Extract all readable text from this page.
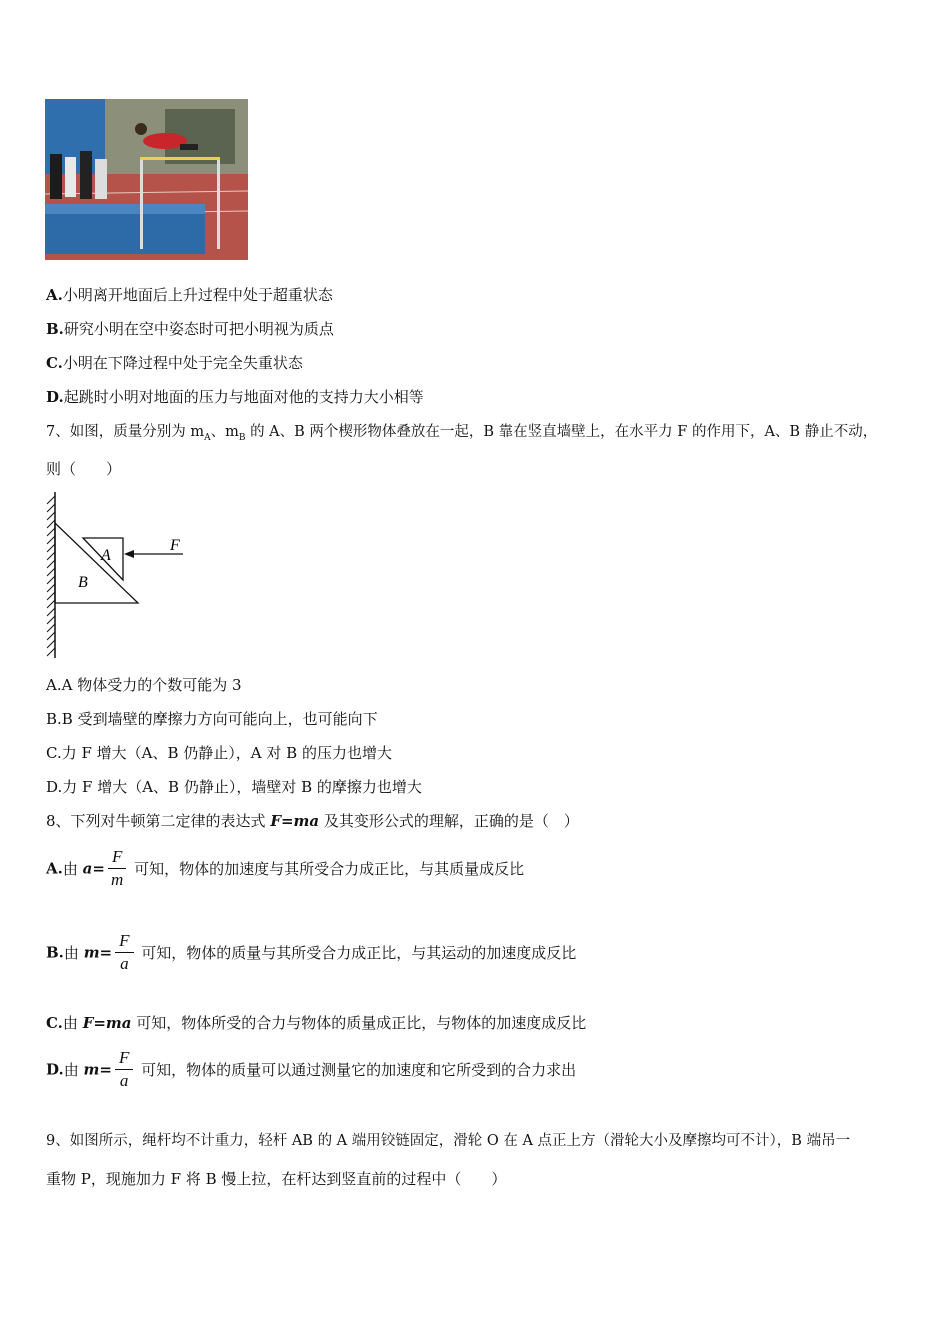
A.小明离开地面后上升过程中处于超重状态
B.研究小明在空中姿态时可把小明视为质点
C.小明在下降过程中处于完全失重状态
D.起跳时小明对地面的压力与地面对他的支持力大小相等
7、如图，质量分别为 $m_A$、$m_B$ 的 A、B 两个楔形物体叠放在一起，B 靠在竖直墙壁上，在水平力 F 的作用下，A、B 静止不动，
则（　　）
A
B
F
A.A 物体受力的个数可能为 3
B.B 受到墙壁的摩擦力方向可能向上，也可能向下
C.力 F 增大（A、B 仍静止），A 对 B 的压力也增大
D.力 F 增大（A、B 仍静止），墙壁对 B 的摩擦力也增大
8、下列对牛顿第二定律的表达式 F=ma 及其变形公式的理解，正确的是（　）
A.由 $a= \frac{F}{m}$ 可知，物体的加速度与其所受合力成正比，与其质量成反比
B.由 $m= \frac{F}{a}$ 可知，物体的质量与其所受合力成正比，与其运动的加速度成反比
C.由 F=ma 可知，物体所受的合力与物体的质量成正比，与物体的加速度成反比
D.由 $m= \frac{F}{a}$ 可知，物体的质量可以通过测量它的加速度和它所受到的合力求出
9、如图所示，绳杆均不计重力，轻杆 AB 的 A 端用铰链固定，滑轮 O 在 A 点正上方（滑轮大小及摩擦均可不计），B 端吊一
重物 P，现施加力 F 将 B 慢上拉，在杆达到竖直前的过程中（　　）
